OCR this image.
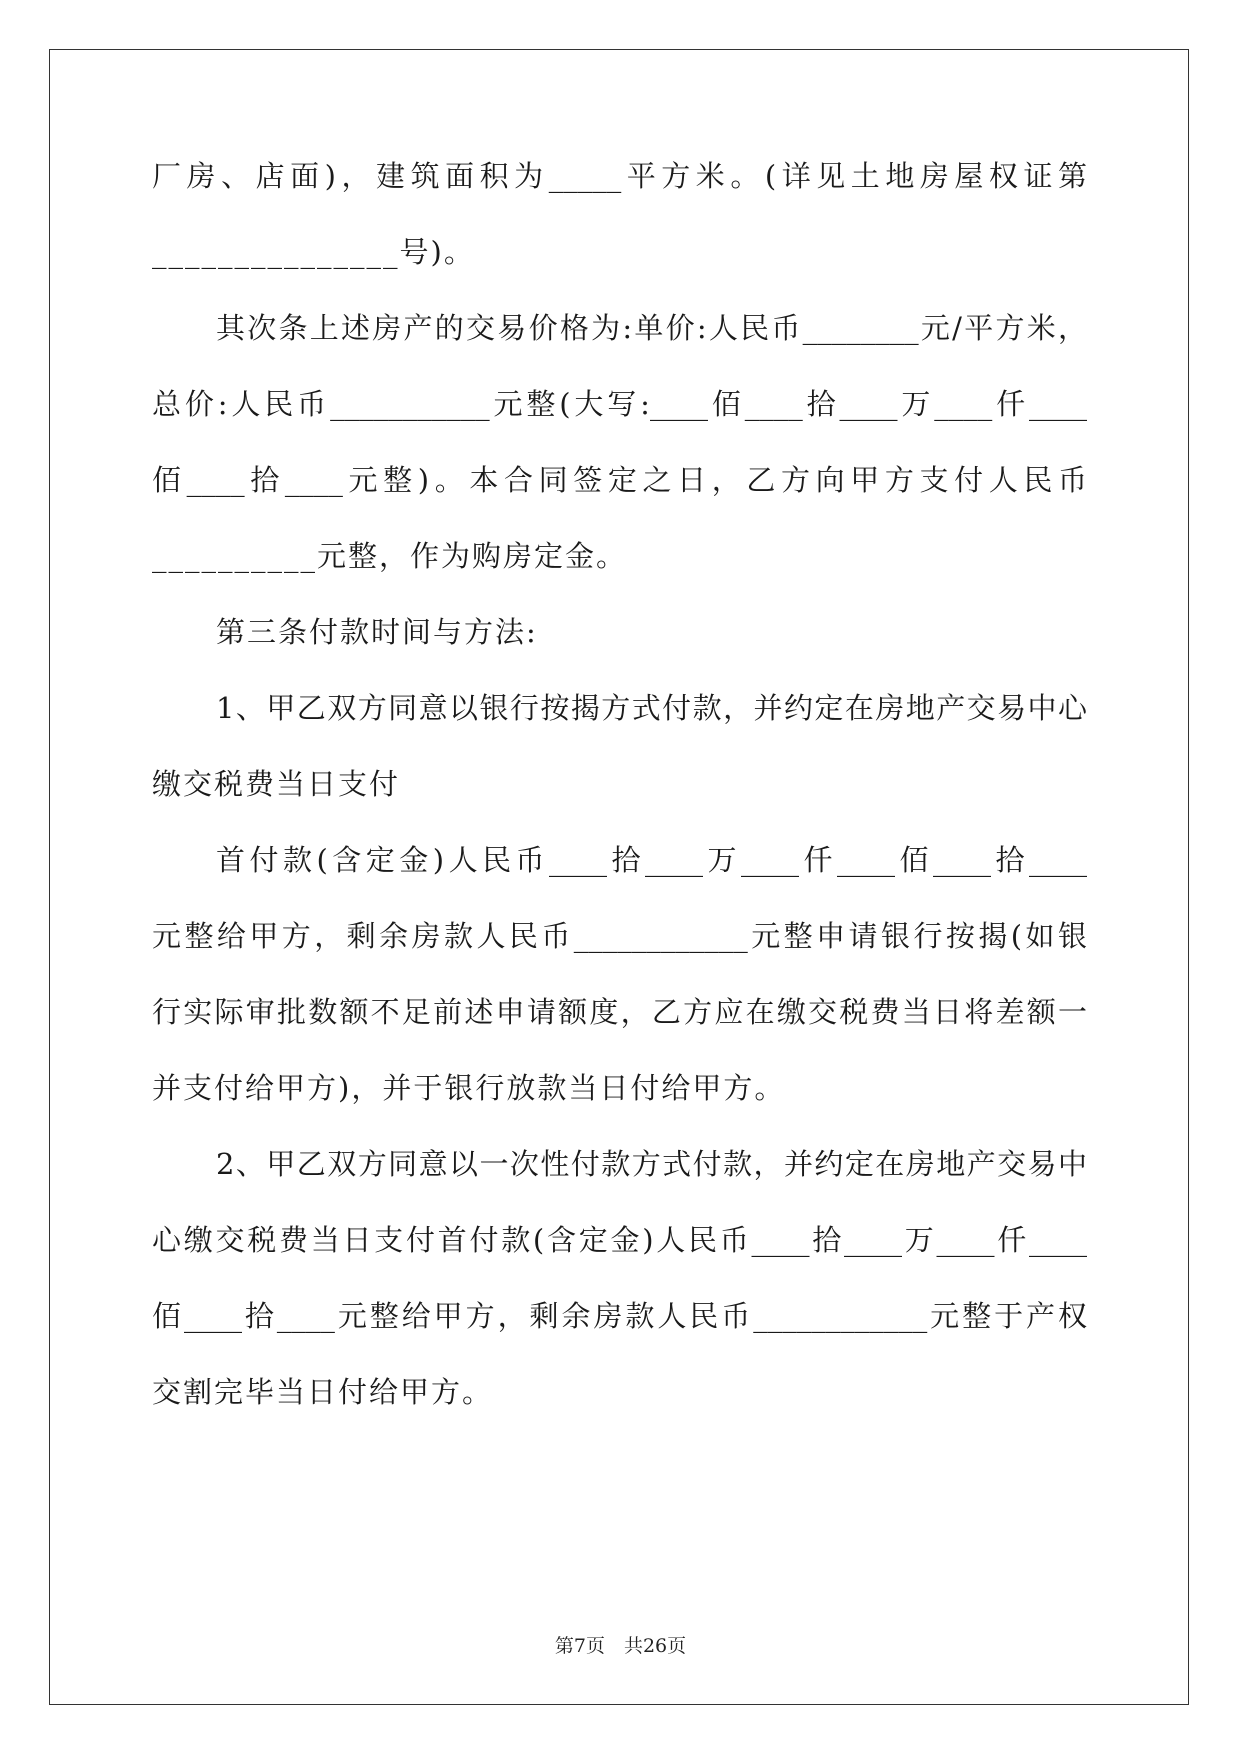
厂房、店面)，建筑面积为_____平方米。(详见土地房屋权证第
_______________号)。
其次条上述房产的交易价格为:单价:人民币________元/平方米，
总价:人民币___________元整(大写:____佰____拾____万____仟____
佰____拾____元整)。本合同签定之日，乙方向甲方支付人民币
__________元整，作为购房定金。
第三条付款时间与方法:
1、甲乙双方同意以银行按揭方式付款，并约定在房地产交易中心
缴交税费当日支付
首付款(含定金)人民币____拾____万____仟____佰____拾____
元整给甲方，剩余房款人民币____________元整申请银行按揭(如银
行实际审批数额不足前述申请额度，乙方应在缴交税费当日将差额一
并支付给甲方)，并于银行放款当日付给甲方。
2、甲乙双方同意以一次性付款方式付款，并约定在房地产交易中
心缴交税费当日支付首付款(含定金)人民币____拾____万____仟____
佰____拾____元整给甲方，剩余房款人民币____________元整于产权
交割完毕当日付给甲方。
第7页　共26页
